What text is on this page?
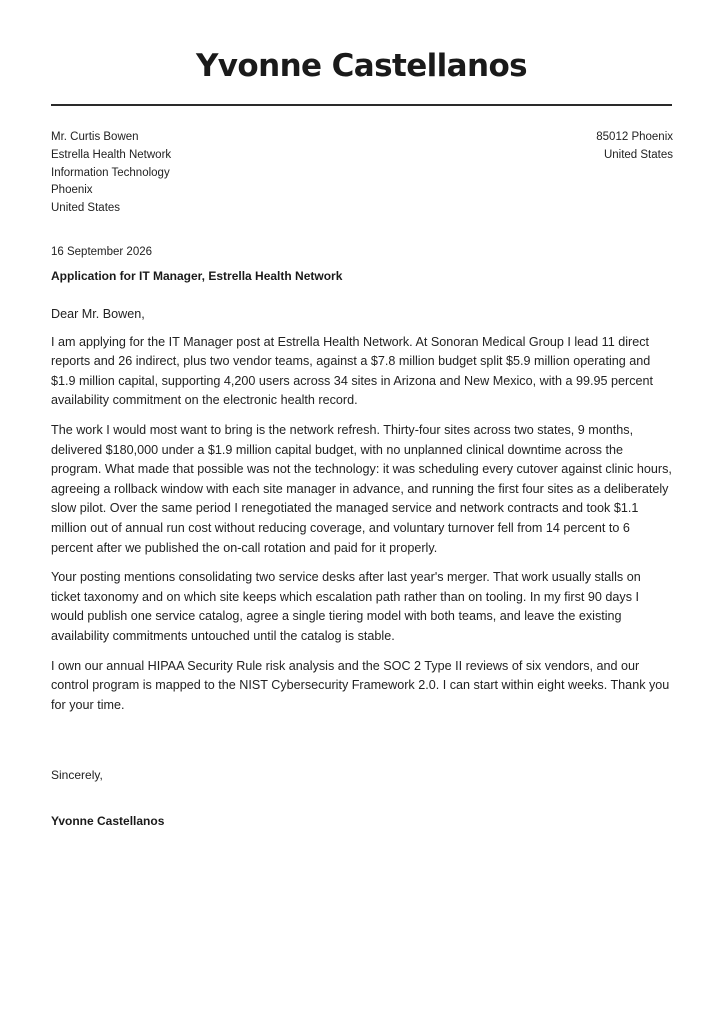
Yvonne Castellanos
Mr. Curtis Bowen
Estrella Health Network
Information Technology
Phoenix
United States
85012 Phoenix
United States
16 September 2026
Application for IT Manager, Estrella Health Network

Dear Mr. Bowen,

I am applying for the IT Manager post at Estrella Health Network. At Sonoran Medical Group I lead 11 direct reports and 26 indirect, plus two vendor teams, against a $7.8 million budget split $5.9 million operating and $1.9 million capital, supporting 4,200 users across 34 sites in Arizona and New Mexico, with a 99.95 percent availability commitment on the electronic health record.

The work I would most want to bring is the network refresh. Thirty-four sites across two states, 9 months, delivered $180,000 under a $1.9 million capital budget, with no unplanned clinical downtime across the program. What made that possible was not the technology: it was scheduling every cutover against clinic hours, agreeing a rollback window with each site manager in advance, and running the first four sites as a deliberately slow pilot. Over the same period I renegotiated the managed service and network contracts and took $1.1 million out of annual run cost without reducing coverage, and voluntary turnover fell from 14 percent to 6 percent after we published the on-call rotation and paid for it properly.

Your posting mentions consolidating two service desks after last year's merger. That work usually stalls on ticket taxonomy and on which site keeps which escalation path rather than on tooling. In my first 90 days I would publish one service catalog, agree a single tiering model with both teams, and leave the existing availability commitments untouched until the catalog is stable.

I own our annual HIPAA Security Rule risk analysis and the SOC 2 Type II reviews of six vendors, and our control program is mapped to the NIST Cybersecurity Framework 2.0. I can start within eight weeks. Thank you for your time.

Sincerely,
Yvonne Castellanos
